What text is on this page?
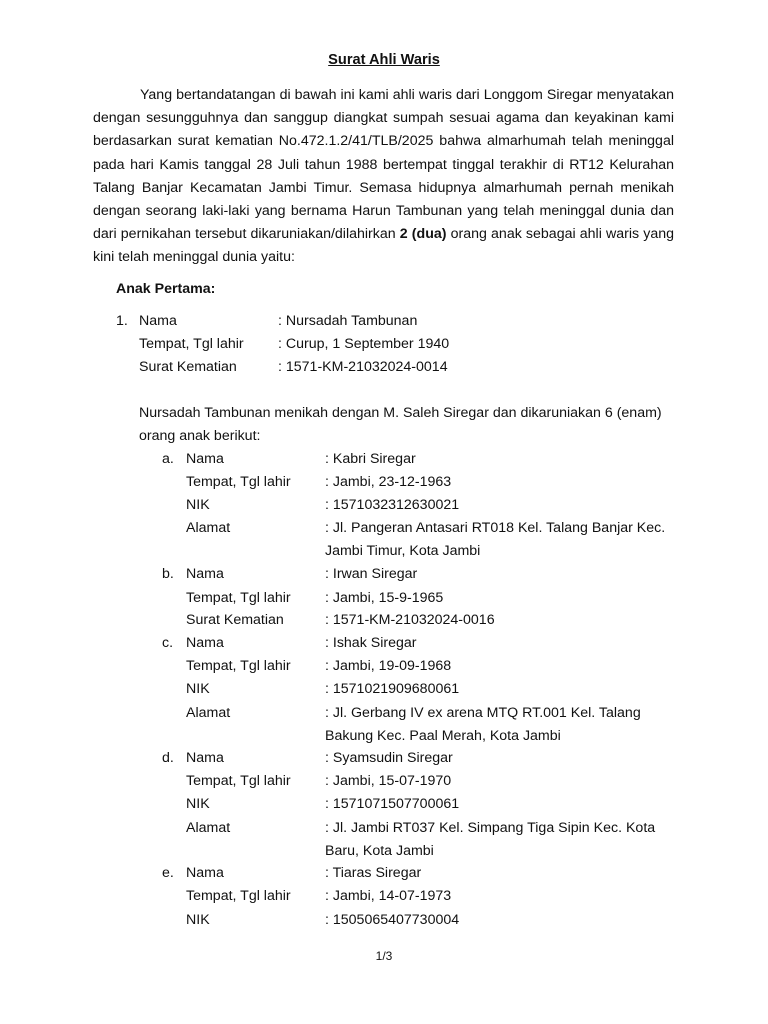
Surat Ahli Waris

Yang bertandatangan di bawah ini kami ahli waris dari Longgom Siregar menyatakan dengan sesungguhnya dan sanggup diangkat sumpah sesuai agama dan keyakinan kami berdasarkan surat kematian No.472.1.2/41/TLB/2025 bahwa almarhumah telah meninggal pada hari Kamis tanggal 28 Juli tahun 1988 bertempat tinggal terakhir di RT12 Kelurahan Talang Banjar Kecamatan Jambi Timur. Semasa hidupnya almarhumah pernah menikah dengan seorang laki-laki yang bernama Harun Tambunan yang telah meninggal dunia dan dari pernikahan tersebut dikaruniakan/dilahirkan 2 (dua) orang anak sebagai ahli waris yang kini telah meninggal dunia yaitu:

Anak Pertama:
1. Nama	: Nursadah Tambunan
Tempat, Tgl lahir : Curup, 1 September 1940
Surat Kematian	: 1571-KM-21032024-0014

Nursadah Tambunan menikah dengan M. Saleh Siregar dan dikaruniakan 6 (enam) orang anak berikut:

a. Nama	: Kabri Siregar
Tempat, Tgl lahir : Jambi, 23-12-1963
NIK	: 1571032312630021
Alamat	: Jl. Pangeran Antasari RT018 Kel. Talang Banjar Kec. Jambi Timur, Kota Jambi
b. Nama	: Irwan Siregar
Tempat, Tgl lahir : Jambi, 15-9-1965
Surat Kematian	: 1571-KM-21032024-0016
c. Nama	: Ishak Siregar
Tempat, Tgl lahir : Jambi, 19-09-1968
NIK	: 1571021909680061
Alamat	: Jl. Gerbang IV ex arena MTQ RT.001 Kel. Talang Bakung Kec. Paal Merah, Kota Jambi
d. Nama	: Syamsudin Siregar
Tempat, Tgl lahir : Jambi, 15-07-1970
NIK	: 1571071507700061
Alamat	: Jl. Jambi RT037 Kel. Simpang Tiga Sipin Kec. Kota Baru, Kota Jambi
e. Nama	: Tiaras Siregar
Tempat, Tgl lahir : Jambi, 14-07-1973
NIK	: 1505065407730004
1/3
